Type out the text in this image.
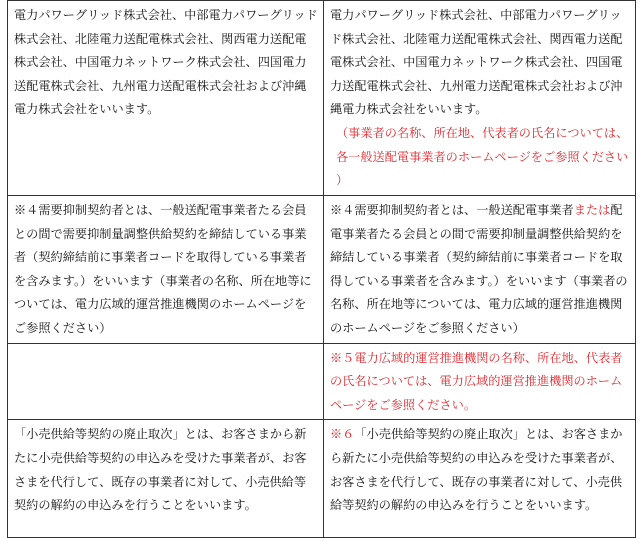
電力パワーグリッド株式会社、中部電力パワーグリッド株式会社、北陸電力送配電株式会社、関西電力送配電株式会社、中国電力ネットワーク株式会社、四国電力送配電株式会社、九州電力送配電株式会社および沖縄電力株式会社をいいます。	電力パワーグリッド株式会社、中部電力パワーグリッド株式会社、北陸電力送配電株式会社、関西電力送配電株式会社、中国電力ネットワーク株式会社、四国電力送配電株式会社、九州電力送配電株式会社および沖縄電力株式会社をいいます。
（事業者の名称、所在地、代表者の氏名については、各一般送配電事業者のホームページをご参照ください）

※４需要抑制契約者とは、一般送配電事業者たる会員との間で需要抑制量調整供給契約を締結している事業者（契約締結前に事業者コードを取得している事業者を含みます。）をいいます（事業者の名称、所在地等については、電力広域的運営推進機関のホームページをご参照ください）	※４需要抑制契約者とは、一般送配電事業者または配電事業者たる会員との間で需要抑制量調整供給契約を締結している事業者（契約締結前に事業者コードを取得している事業者を含みます。）をいいます（事業者の名称、所在地等については、電力広域的運営推進機関のホームページをご参照ください）
	※５電力広域的運営推進機関の名称、所在地、代表者の氏名については、電力広域的運営推進機関のホームページをご参照ください。
「小売供給等契約の廃止取次」とは、お客さまから新たに小売供給等契約の申込みを受けた事業者が、お客さまを代行して、既存の事業者に対して、小売供給等契約の解約の申込みを行うことをいいます。	※６「小売供給等契約の廃止取次」とは、お客さまから新たに小売供給等契約の申込みを受けた事業者が、お客さまを代行して、既存の事業者に対して、小売供給等契約の解約の申込みを行うことをいいます。
